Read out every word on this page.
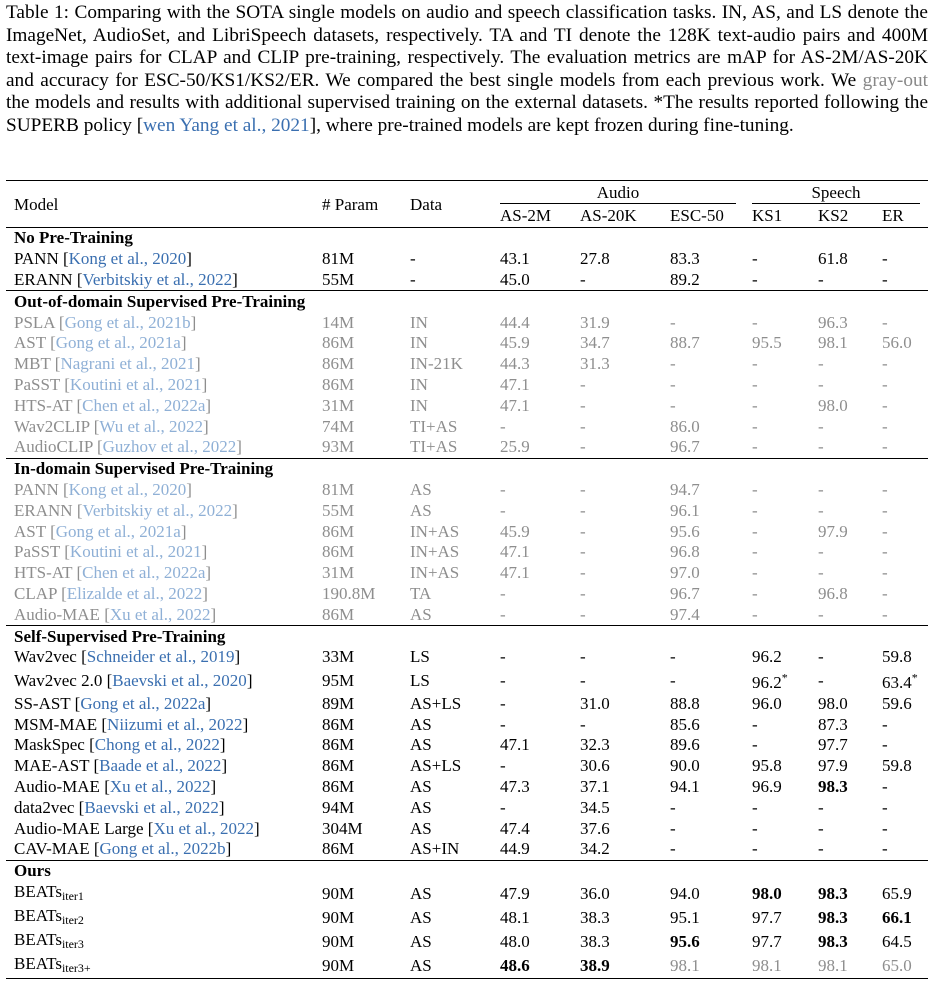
Table 1: Comparing with the SOTA single models on audio and speech classification tasks. IN, AS, and LS denote the ImageNet, AudioSet, and LibriSpeech datasets, respectively. TA and TI denote the 128K text-audio pairs and 400M text-image pairs for CLAP and CLIP pre-training, respectively. The evaluation metrics are mAP for AS-2M/AS-20K and accuracy for ESC-50/KS1/KS2/ER. We compared the best single models from each previous work. We gray-out the models and results with additional supervised training on the external datasets. *The results reported following the SUPERB policy [wen Yang et al., 2021], where pre-trained models are kept frozen during fine-tuning.
Model	# Param	Data	Audio			Speech		

			AS-2M	AS-20K	ESC-50	KS1	KS2	ER
No Pre-Training								
PANN [Kong et al., 2020]	81M	-	43.1	27.8	83.3	-	61.8	-
ERANN [Verbitskiy et al., 2022]	55M	-	45.0	-	89.2	-	-	-
Out-of-domain Supervised Pre-Training								
PSLA [Gong et al., 2021b]	14M	IN	44.4	31.9	-	-	96.3	-
AST [Gong et al., 2021a]	86M	IN	45.9	34.7	88.7	95.5	98.1	56.0
MBT [Nagrani et al., 2021]	86M	IN-21K	44.3	31.3	-	-	-	-
PaSST [Koutini et al., 2021]	86M	IN	47.1	-	-	-	-	-
HTS-AT [Chen et al., 2022a]	31M	IN	47.1	-	-	-	98.0	-
Wav2CLIP [Wu et al., 2022]	74M	TI+AS	-	-	86.0	-	-	-
AudioCLIP [Guzhov et al., 2022]	93M	TI+AS	25.9	-	96.7	-	-	-
In-domain Supervised Pre-Training								
PANN [Kong et al., 2020]	81M	AS	-	-	94.7	-	-	-
ERANN [Verbitskiy et al., 2022]	55M	AS	-	-	96.1	-	-	-
AST [Gong et al., 2021a]	86M	IN+AS	45.9	-	95.6	-	97.9	-
PaSST [Koutini et al., 2021]	86M	IN+AS	47.1	-	96.8	-	-	-
HTS-AT [Chen et al., 2022a]	31M	IN+AS	47.1	-	97.0	-	-	-
CLAP [Elizalde et al., 2022]	190.8M	TA	-	-	96.7	-	96.8	-
Audio-MAE [Xu et al., 2022]	86M	AS	-	-	97.4	-	-	-
Self-Supervised Pre-Training								
Wav2vec [Schneider et al., 2019]	33M	LS	-	-	-	96.2	-	59.8
Wav2vec 2.0 [Baevski et al., 2020]	95M	LS	-	-	-	96.2*	-	63.4*
SS-AST [Gong et al., 2022a]	89M	AS+LS	-	31.0	88.8	96.0	98.0	59.6
MSM-MAE [Niizumi et al., 2022]	86M	AS	-	-	85.6	-	87.3	-
MaskSpec [Chong et al., 2022]	86M	AS	47.1	32.3	89.6	-	97.7	-
MAE-AST [Baade et al., 2022]	86M	AS+LS	-	30.6	90.0	95.8	97.9	59.8
Audio-MAE [Xu et al., 2022]	86M	AS	47.3	37.1	94.1	96.9	98.3	-
data2vec [Baevski et al., 2022]	94M	AS	-	34.5	-	-	-	-
Audio-MAE Large [Xu et al., 2022]	304M	AS	47.4	37.6	-	-	-	-
CAV-MAE [Gong et al., 2022b]	86M	AS+IN	44.9	34.2	-	-	-	-
Ours								
BEATs$_{iter1}$	90M	AS	47.9	36.0	94.0	98.0	98.3	65.9
BEATs$_{iter2}$	90M	AS	48.1	38.3	95.1	97.7	98.3	66.1
BEATs$_{iter3}$	90M	AS	48.0	38.3	95.6	97.7	98.3	64.5
BEATs$_{iter3+}$	90M	AS	48.6	38.9	98.1	98.1	98.1	65.0
